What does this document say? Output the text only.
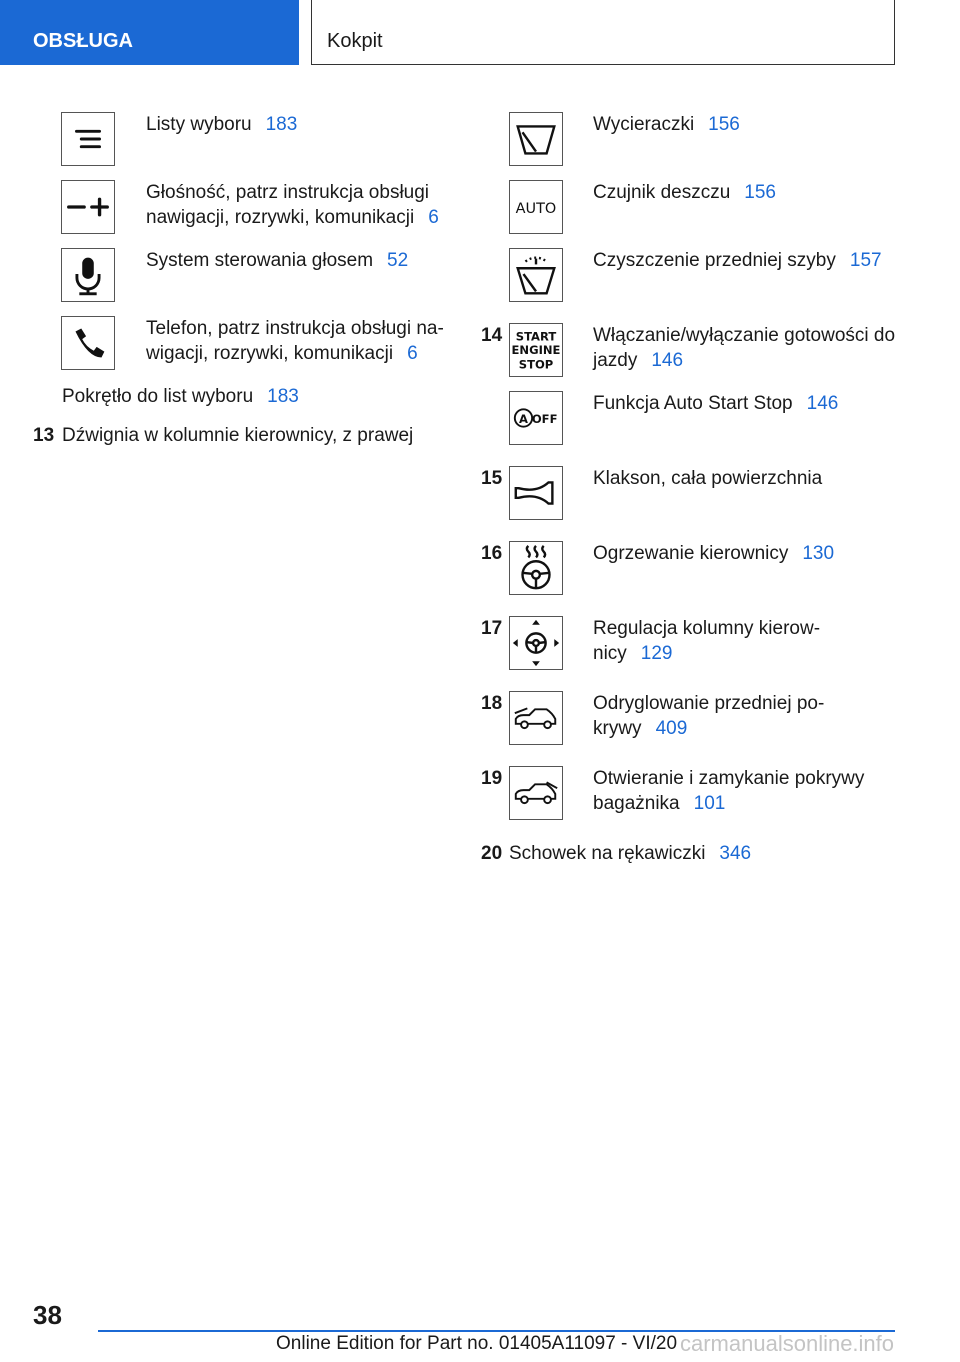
OBSŁUGA	Kokpit
Listy wyboru 183
Głośność, patrz instrukcja obsługi
nawigacji, rozrywki, komunikacji 6
System sterowania głosem 52
Telefon, patrz instrukcja obsługi na-
wigacji, rozrywki, komunikacji 6
Pokrętło do list wyboru 183
13 Dźwignia w kolumnie kierownicy, z prawej
Wycieraczki 156
AUTO
Czujnik deszczu 156
Czyszczenie przedniej szyby 157
14 START
ENGINE
STOP
Włączanie/wyłączanie gotowości do
jazdy 146
A OFF
Funkcja Auto Start Stop 146
15	Klakson, cała powierzchnia
16	Ogrzewanie kierownicy 130
17	Regulacja kolumny kierow-
nicy 129
18	Odryglowanie przedniej po-
krywy 409
19	Otwieranie i zamykanie pokrywy
bagażnika 101
20 Schowek na rękawiczki 346
38
Online Edition for Part no. 01405A11097 - VI/20 carmanualsonline.info
